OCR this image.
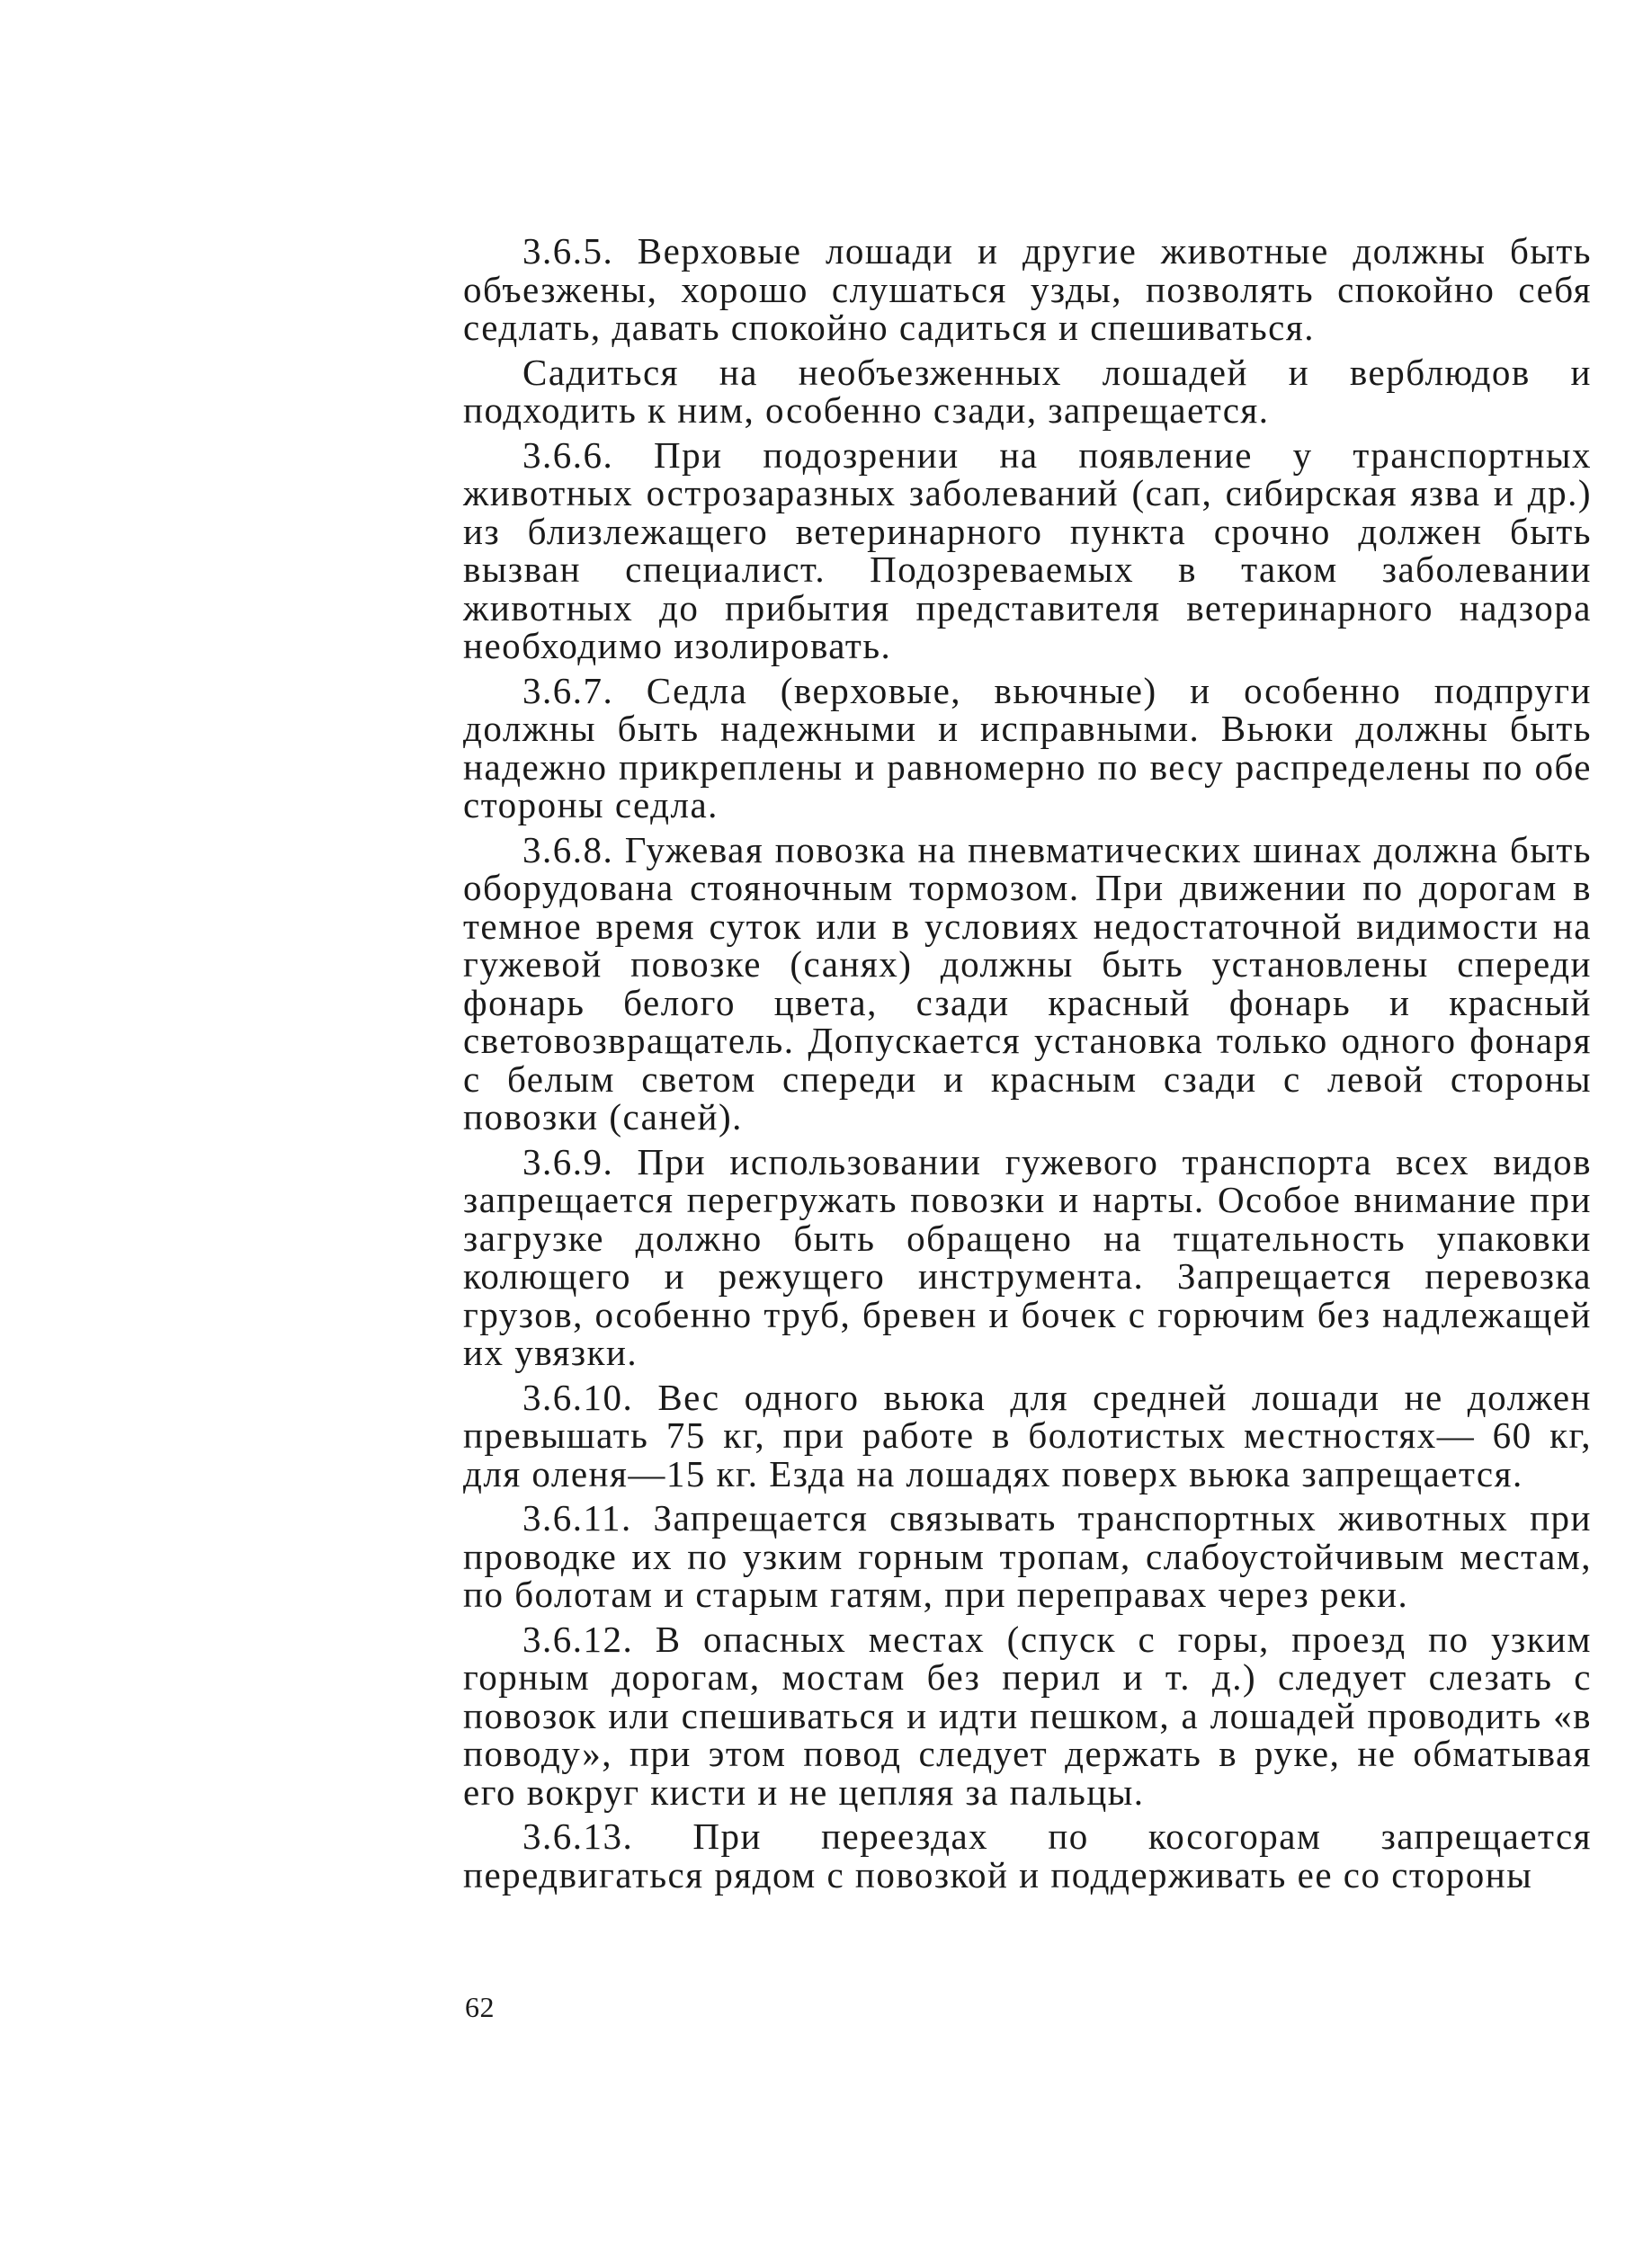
3.6.5. Верховые лошади и другие животные должны быть объезжены, хорошо слушаться узды, позволять спокойно себя седлать, давать спокойно садиться и спешиваться.

Садиться на необъезженных лошадей и верблюдов и подходить к ним, особенно сзади, запрещается.

3.6.6. При подозрении на появление у транспортных животных острозаразных заболеваний (сап, сибирская язва и др.) из близлежащего ветеринарного пункта срочно должен быть вызван специалист. Подозреваемых в таком заболевании животных до прибытия представителя ветеринарного надзора необходимо изолировать.

3.6.7. Седла (верховые, вьючные) и особенно подпруги должны быть надежными и исправными. Вьюки должны быть надежно прикреплены и равномерно по весу распределены по обе стороны седла.

3.6.8. Гужевая повозка на пневматических шинах должна быть оборудована стояночным тормозом. При движении по дорогам в темное время суток или в условиях недостаточной видимости на гужевой повозке (санях) должны быть установлены спереди фонарь белого цвета, сзади красный фонарь и красный световозвращатель. Допускается установка только одного фонаря с белым светом спереди и красным сзади с левой стороны повозки (саней).

3.6.9. При использовании гужевого транспорта всех видов запрещается перегружать повозки и нарты. Особое внимание при загрузке должно быть обращено на тщательность упаковки колющего и режущего инструмента. Запрещается перевозка грузов, особенно труб, бревен и бочек с горючим без надлежащей их увязки.

3.6.10. Вес одного вьюка для средней лошади не должен превышать 75 кг, при работе в болотистых местностях— 60 кг, для оленя—15 кг. Езда на лошадях поверх вьюка запрещается.

3.6.11. Запрещается связывать транспортных животных при проводке их по узким горным тропам, слабоустойчивым местам, по болотам и старым гатям, при переправах через реки.

3.6.12. В опасных местах (спуск с горы, проезд по узким горным дорогам, мостам без перил и т. д.) следует слезать с повозок или спешиваться и идти пешком, а лошадей проводить «в поводу», при этом повод следует держать в руке, не обматывая его вокруг кисти и не цепляя за пальцы.

3.6.13. При переездах по косогорам запрещается передвигаться рядом с повозкой и поддерживать ее со стороны

62
